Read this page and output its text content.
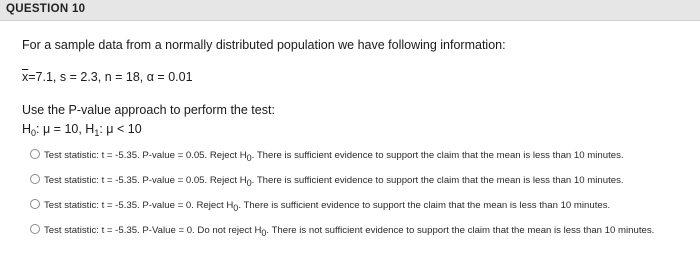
QUESTION 10
For a sample data from a normally distributed population we have following information:
$\overline{x}=7.1$, s = 2.3, n = 18, α = 0.01
Use the P-value approach to perform the test:
$H_0$: μ = 10, $H_1$: μ < 10
Test statistic: t = -5.35. P-value = 0.05. Reject H0. There is sufficient evidence to support the claim that the mean is less than 10 minutes.
Test statistic: t = -5.35. P-value = 0.05. Reject H0. There is sufficient evidence to support the claim that the mean is less than 10 minutes.
Test statistic: t = -5.35. P-value = 0. Reject H0. There is sufficient evidence to support the claim that the mean is less than 10 minutes.
Test statistic: t = -5.35. P-Value = 0. Do not reject H0. There is not sufficient evidence to support the claim that the mean is less than 10 minutes.
